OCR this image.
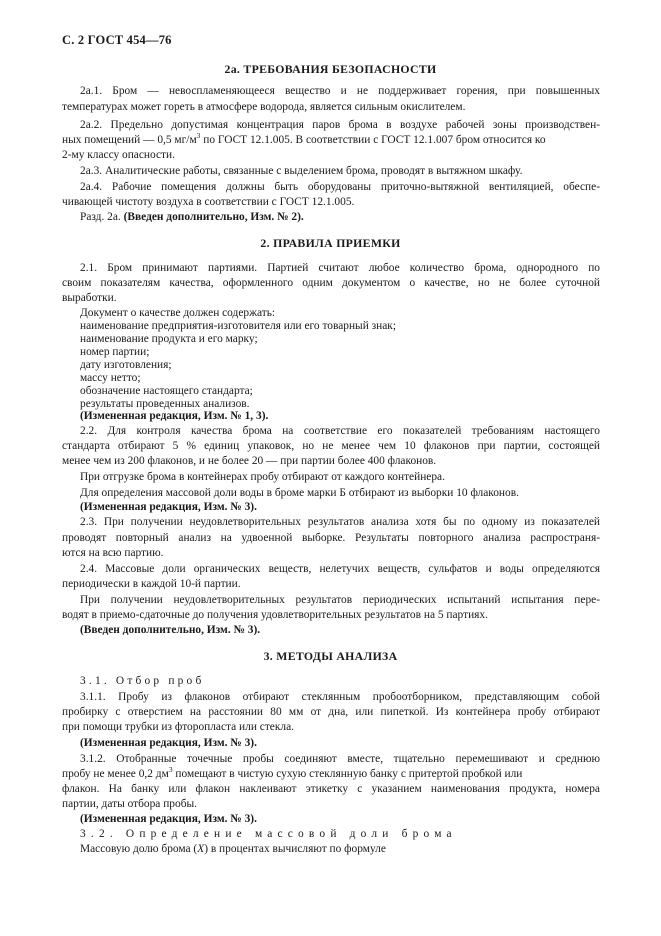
С. 2 ГОСТ 454—76
2а. ТРЕБОВАНИЯ БЕЗОПАСНОСТИ
2а.1. Бром — невоспламеняющееся вещество и не поддерживает горения, при повышенных
температурах может гореть в атмосфере водорода, является сильным окислителем.
2а.2. Предельно допустимая концентрация паров брома в воздухе рабочей зоны производствен-
ных помещений — 0,5 $мг/м^3$ по ГОСТ 12.1.005. В соответствии с ГОСТ 12.1.007 бром относится ко
2-му классу опасности.
2а.3. Аналитические работы, связанные с выделением брома, проводят в вытяжном шкафу.
2а.4. Рабочие помещения должны быть оборудованы приточно-вытяжной вентиляцией, обеспе-
чивающей чистоту воздуха в соответствии с ГОСТ 12.1.005.
Разд. 2а. (Введен дополнительно, Изм. № 2).
2. ПРАВИЛА ПРИЕМКИ
2.1. Бром принимают партиями. Партией считают любое количество брома, однородного по
своим показателям качества, оформленного одним документом о качестве, но не более суточной
выработки.
Документ о качестве должен содержать:
наименование предприятия-изготовителя или его товарный знак;
наименование продукта и его марку;
номер партии;
дату изготовления;
массу нетто;
обозначение настоящего стандарта;
результаты проведенных анализов.
(Измененная редакция, Изм. № 1, 3).
2.2. Для контроля качества брома на соответствие его показателей требованиям настоящего
стандарта отбирают 5 % единиц упаковок, но не менее чем 10 флаконов при партии, состоящей
менее чем из 200 флаконов, и не более 20 — при партии более 400 флаконов.
При отгрузке брома в контейнерах пробу отбирают от каждого контейнера.
Для определения массовой доли воды в броме марки Б отбирают из выборки 10 флаконов.
(Измененная редакция, Изм. № 3).
2.3. При получении неудовлетворительных результатов анализа хотя бы по одному из показателей
проводят повторный анализ на удвоенной выборке. Результаты повторного анализа распространя-
ются на всю партию.
2.4. Массовые доли органических веществ, нелетучих веществ, сульфатов и воды определяются
периодически в каждой 10-й партии.
При получении неудовлетворительных результатов периодических испытаний испытания пере-
водят в приемо-сдаточные до получения удовлетворительных результатов на 5 партиях.
(Введен дополнительно, Изм. № 3).
3. МЕТОДЫ АНАЛИЗА
3.1. Отбор проб
3.1.1. Пробу из флаконов отбирают стеклянным пробоотборником, представляющим собой
пробирку с отверстием на расстоянии 80 мм от дна, или пипеткой. Из контейнера пробу отбирают
при помощи трубки из фторопласта или стекла.
(Измененная редакция, Изм. № 3).
3.1.2. Отобранные точечные пробы соединяют вместе, тщательно перемешивают и среднюю
пробу не менее 0,2 $дм^3$ помещают в чистую сухую стеклянную банку с притертой пробкой или
флакон. На банку или флакон наклеивают этикетку с указанием наименования продукта, номера
партии, даты отбора пробы.
(Измененная редакция, Изм. № 3).
3.2. Определение массовой доли брома
Массовую долю брома (X) в процентах вычисляют по формуле
